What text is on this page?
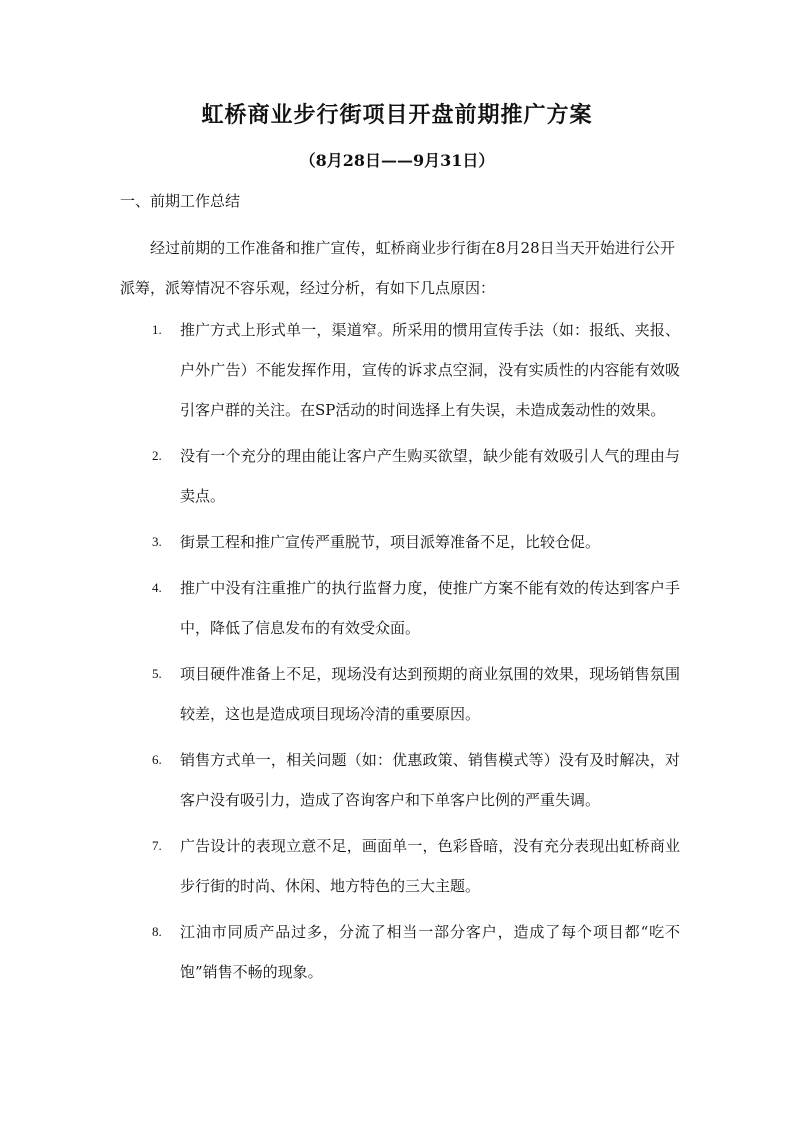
虹桥商业步行街项目开盘前期推广方案
（8月28日——9月31日）
一、前期工作总结
经过前期的工作准备和推广宣传，虹桥商业步行街在8月28日当天开始进行公开派筹，派筹情况不容乐观，经过分析，有如下几点原因：
1. 推广方式上形式单一，渠道窄。所采用的惯用宣传手法（如：报纸、夹报、户外广告）不能发挥作用，宣传的诉求点空洞，没有实质性的内容能有效吸引客户群的关注。在SP活动的时间选择上有失误，未造成轰动性的效果。
2. 没有一个充分的理由能让客户产生购买欲望，缺少能有效吸引人气的理由与卖点。
3. 街景工程和推广宣传严重脱节，项目派筹准备不足，比较仓促。
4. 推广中没有注重推广的执行监督力度，使推广方案不能有效的传达到客户手中，降低了信息发布的有效受众面。
5. 项目硬件准备上不足，现场没有达到预期的商业氛围的效果，现场销售氛围较差，这也是造成项目现场冷清的重要原因。
6. 销售方式单一，相关问题（如：优惠政策、销售模式等）没有及时解决，对客户没有吸引力，造成了咨询客户和下单客户比例的严重失调。
7. 广告设计的表现立意不足，画面单一，色彩昏暗，没有充分表现出虹桥商业步行街的时尚、休闲、地方特色的三大主题。
8. 江油市同质产品过多，分流了相当一部分客户，造成了每个项目都“吃不饱”销售不畅的现象。
